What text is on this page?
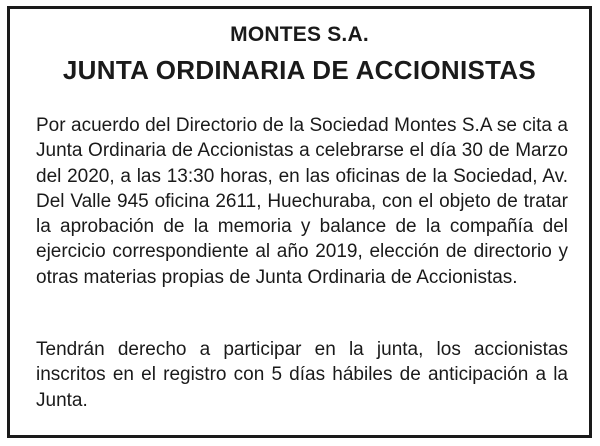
MONTES S.A.
JUNTA ORDINARIA DE ACCIONISTAS

Por acuerdo del Directorio de la Sociedad Montes S.A se cita a Junta Ordinaria de Accionistas a celebrarse el día 30 de Marzo del 2020, a las 13:30 horas, en las oficinas de la Sociedad, Av. Del Valle 945 oficina 2611, Huechuraba, con el objeto de tratar la aprobación de la memoria y balance de la compañía del ejercicio correspondiente al año 2019, elección de directorio y otras materias propias de Junta Ordinaria de Accionistas.

Tendrán derecho a participar en la junta, los accionistas inscritos en el registro con 5 días hábiles de anticipación a la Junta.
